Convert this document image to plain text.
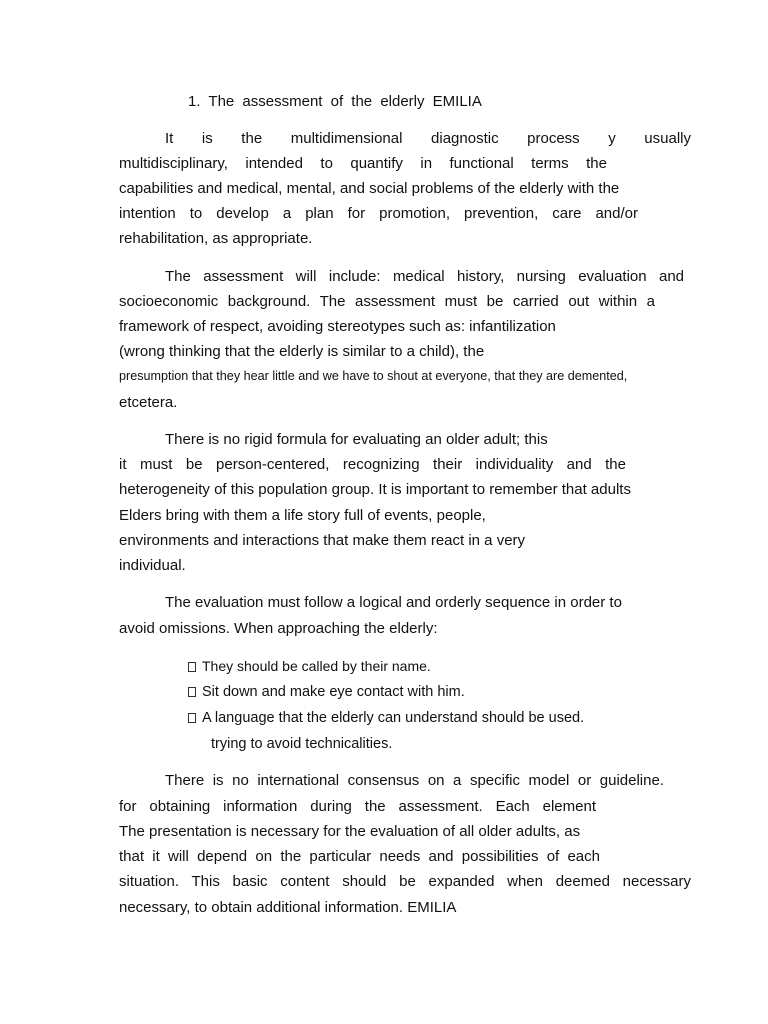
1. The assessment of the elderly EMILIA
It is the multidimensional diagnostic process y usually
multidisciplinary, intended to quantify in functional terms the
capabilities and medical, mental, and social problems of the elderly with the
intention to develop a plan for promotion, prevention, care and/or
rehabilitation, as appropriate.
The assessment will include: medical history, nursing evaluation and
socioeconomic background. The assessment must be carried out within a
framework of respect, avoiding stereotypes such as: infantilization
(wrong thinking that the elderly is similar to a child), the
presumption that they hear little and we have to shout at everyone, that they are demented,
etcetera.
There is no rigid formula for evaluating an older adult; this
it must be person-centered, recognizing their individuality and the
heterogeneity of this population group. It is important to remember that adults
Elders bring with them a life story full of events, people,
environments and interactions that make them react in a very
individual.
The evaluation must follow a logical and orderly sequence in order to
avoid omissions. When approaching the elderly:
They should be called by their name.
Sit down and make eye contact with him.
A language that the elderly can understand should be used.
trying to avoid technicalities.
There is no international consensus on a specific model or guideline.
for obtaining information during the assessment. Each element
The presentation is necessary for the evaluation of all older adults, as
that it will depend on the particular needs and possibilities of each
situation. This basic content should be expanded when deemed necessary
necessary, to obtain additional information. EMILIA
